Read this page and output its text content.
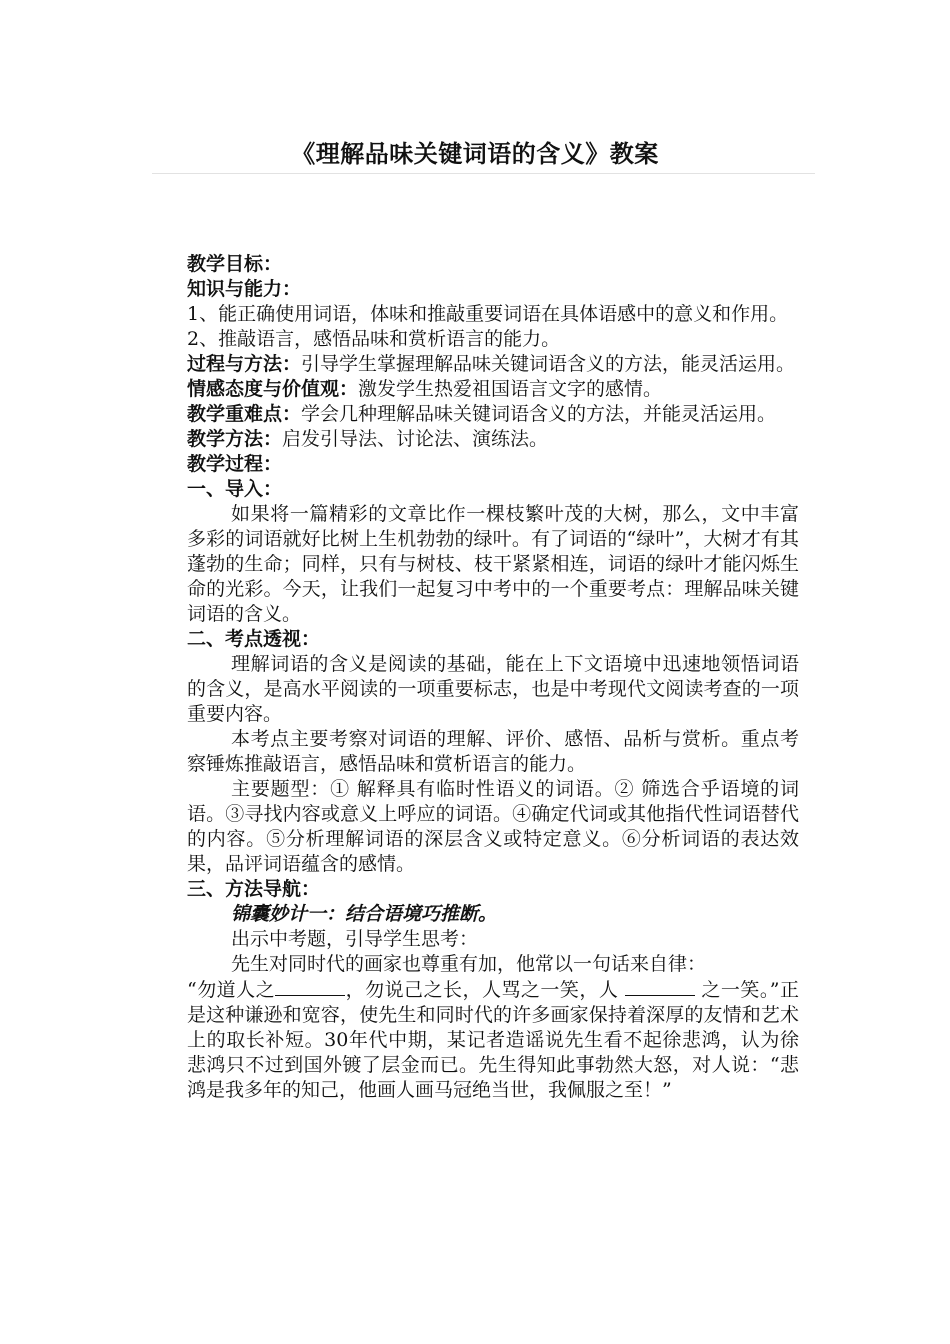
《理解品味关键词语的含义》教案

教学目标：

知识与能力：

1、能正确使用词语，体味和推敲重要词语在具体语感中的意义和作用。

2、推敲语言，感悟品味和赏析语言的能力。

过程与方法：引导学生掌握理解品味关键词语含义的方法，能灵活运用。

情感态度与价值观：激发学生热爱祖国语言文字的感情。

教学重难点：学会几种理解品味关键词语含义的方法，并能灵活运用。

教学方法：启发引导法、讨论法、演练法。

教学过程：

一、导入：

如果将一篇精彩的文章比作一棵枝繁叶茂的大树，那么，文中丰富多彩的词语就好比树上生机勃勃的绿叶。有了词语的“绿叶”，大树才有其蓬勃的生命；同样，只有与树枝、枝干紧紧相连，词语的绿叶才能闪烁生命的光彩。今天，让我们一起复习中考中的一个重要考点：理解品味关键词语的含义。

二、考点透视：

理解词语的含义是阅读的基础，能在上下文语境中迅速地领悟词语的含义，是高水平阅读的一项重要标志，也是中考现代文阅读考查的一项重要内容。

本考点主要考察对词语的理解、评价、感悟、品析与赏析。重点考察锤炼推敲语言，感悟品味和赏析语言的能力。

主要题型：① 解释具有临时性语义的词语。② 筛选合乎语境的词语。③寻找内容或意义上呼应的词语。④确定代词或其他指代性词语替代的内容。⑤分析理解词语的深层含义或特定意义。⑥分析词语的表达效果，品评词语蕴含的感情。

三、方法导航：

锦囊妙计一：结合语境巧推断。

出示中考题，引导学生思考：

先生对同时代的画家也尊重有加，他常以一句话来自律：

“勿道人之	，勿说己之长，人骂之一笑，人	之一笑。”正是这种谦逊和宽容，使先生和同时代的许多画家保持着深厚的友情和艺术上的取长补短。30年代中期，某记者造谣说先生看不起徐悲鸿，认为徐悲鸿只不过到国外镀了层金而已。先生得知此事勃然大怒，对人说：“悲鸿是我多年的知己，他画人画马冠绝当世，我佩服之至！”
